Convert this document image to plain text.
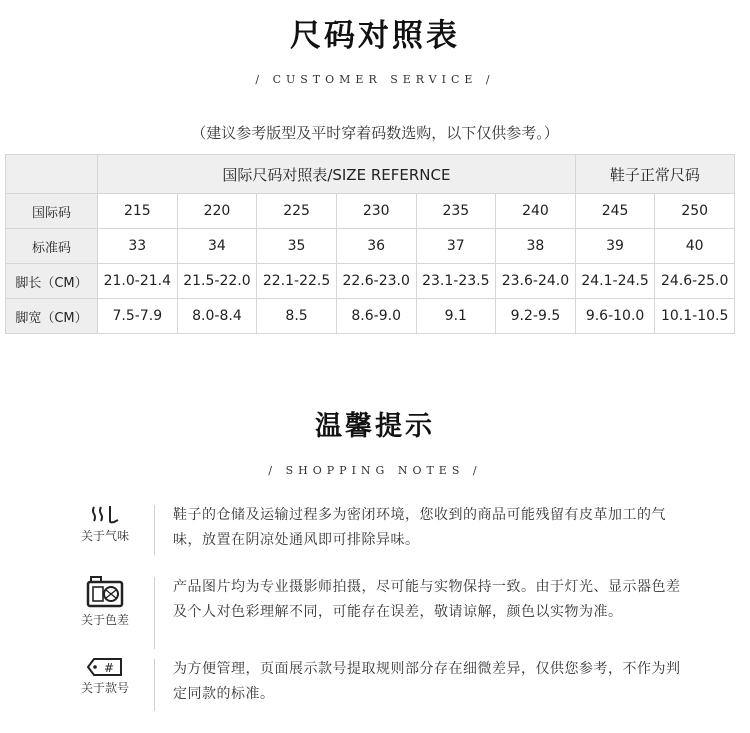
尺码对照表
/ CUSTOMER SERVICE /
（建议参考版型及平时穿着码数选购，以下仅供参考。）
	国际尺码对照表/SIZE REFERNCE						鞋子正常尺码	
国际码	215	220	225	230	235	240	245	250
标准码	33	34	35	36	37	38	39	40
脚长（CM）	21.0-21.4	21.5-22.0	22.1-22.5	22.6-23.0	23.1-23.5	23.6-24.0	24.1-24.5	24.6-25.0
脚宽（CM）	7.5-7.9	8.0-8.4	8.5	8.6-9.0	9.1	9.2-9.5	9.6-10.0	10.1-10.5
温馨提示
/ SHOPPING NOTES /
关于气味
鞋子的仓储及运输过程多为密闭环境，您收到的商品可能残留有皮革加工的气味，放置在阴凉处通风即可排除异味。
关于色差
产品图片均为专业摄影师拍摄，尽可能与实物保持一致。由于灯光、显示器色差及个人对色彩理解不同，可能存在误差，敬请谅解，颜色以实物为准。
#
关于款号
为方便管理，页面展示款号提取规则部分存在细微差异，仅供您参考，不作为判定同款的标准。
